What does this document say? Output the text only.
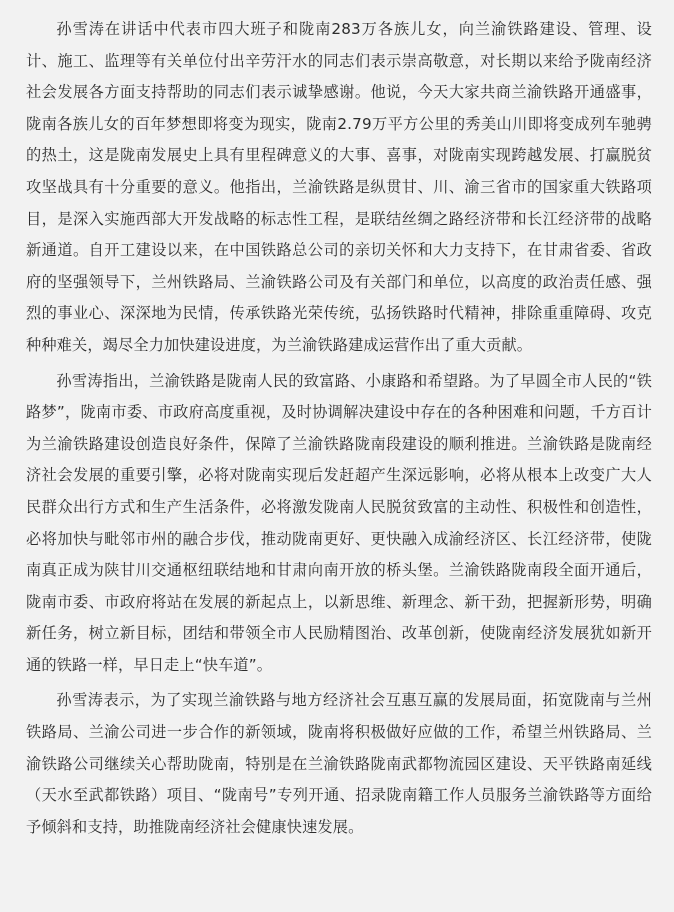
孙雪涛在讲话中代表市四大班子和陇南283万各族儿女，向兰渝铁路建设、管理、设计、施工、监理等有关单位付出辛劳汗水的同志们表示崇高敬意，对长期以来给予陇南经济社会发展各方面支持帮助的同志们表示诚挚感谢。他说，今天大家共商兰渝铁路开通盛事，陇南各族儿女的百年梦想即将变为现实，陇南2.79万平方公里的秀美山川即将变成列车驰骋的热土，这是陇南发展史上具有里程碑意义的大事、喜事，对陇南实现跨越发展、打赢脱贫攻坚战具有十分重要的意义。他指出，兰渝铁路是纵贯甘、川、渝三省市的国家重大铁路项目，是深入实施西部大开发战略的标志性工程，是联结丝绸之路经济带和长江经济带的战略新通道。自开工建设以来，在中国铁路总公司的亲切关怀和大力支持下，在甘肃省委、省政府的坚强领导下，兰州铁路局、兰渝铁路公司及有关部门和单位，以高度的政治责任感、强烈的事业心、深深地为民情，传承铁路光荣传统，弘扬铁路时代精神，排除重重障碍、攻克种种难关，竭尽全力加快建设进度，为兰渝铁路建成运营作出了重大贡献。

孙雪涛指出，兰渝铁路是陇南人民的致富路、小康路和希望路。为了早圆全市人民的“铁路梦”，陇南市委、市政府高度重视，及时协调解决建设中存在的各种困难和问题，千方百计为兰渝铁路建设创造良好条件，保障了兰渝铁路陇南段建设的顺利推进。兰渝铁路是陇南经济社会发展的重要引擎，必将对陇南实现后发赶超产生深远影响，必将从根本上改变广大人民群众出行方式和生产生活条件，必将激发陇南人民脱贫致富的主动性、积极性和创造性，必将加快与毗邻市州的融合步伐，推动陇南更好、更快融入成渝经济区、长江经济带，使陇南真正成为陕甘川交通枢纽联结地和甘肃向南开放的桥头堡。兰渝铁路陇南段全面开通后，陇南市委、市政府将站在发展的新起点上，以新思维、新理念、新干劲，把握新形势，明确新任务，树立新目标，团结和带领全市人民励精图治、改革创新，使陇南经济发展犹如新开通的铁路一样，早日走上“快车道”。

孙雪涛表示，为了实现兰渝铁路与地方经济社会互惠互赢的发展局面，拓宽陇南与兰州铁路局、兰渝公司进一步合作的新领域，陇南将积极做好应做的工作，希望兰州铁路局、兰渝铁路公司继续关心帮助陇南，特别是在兰渝铁路陇南武都物流园区建设、天平铁路南延线（天水至武都铁路）项目、“陇南号”专列开通、招录陇南籍工作人员服务兰渝铁路等方面给予倾斜和支持，助推陇南经济社会健康快速发展。
